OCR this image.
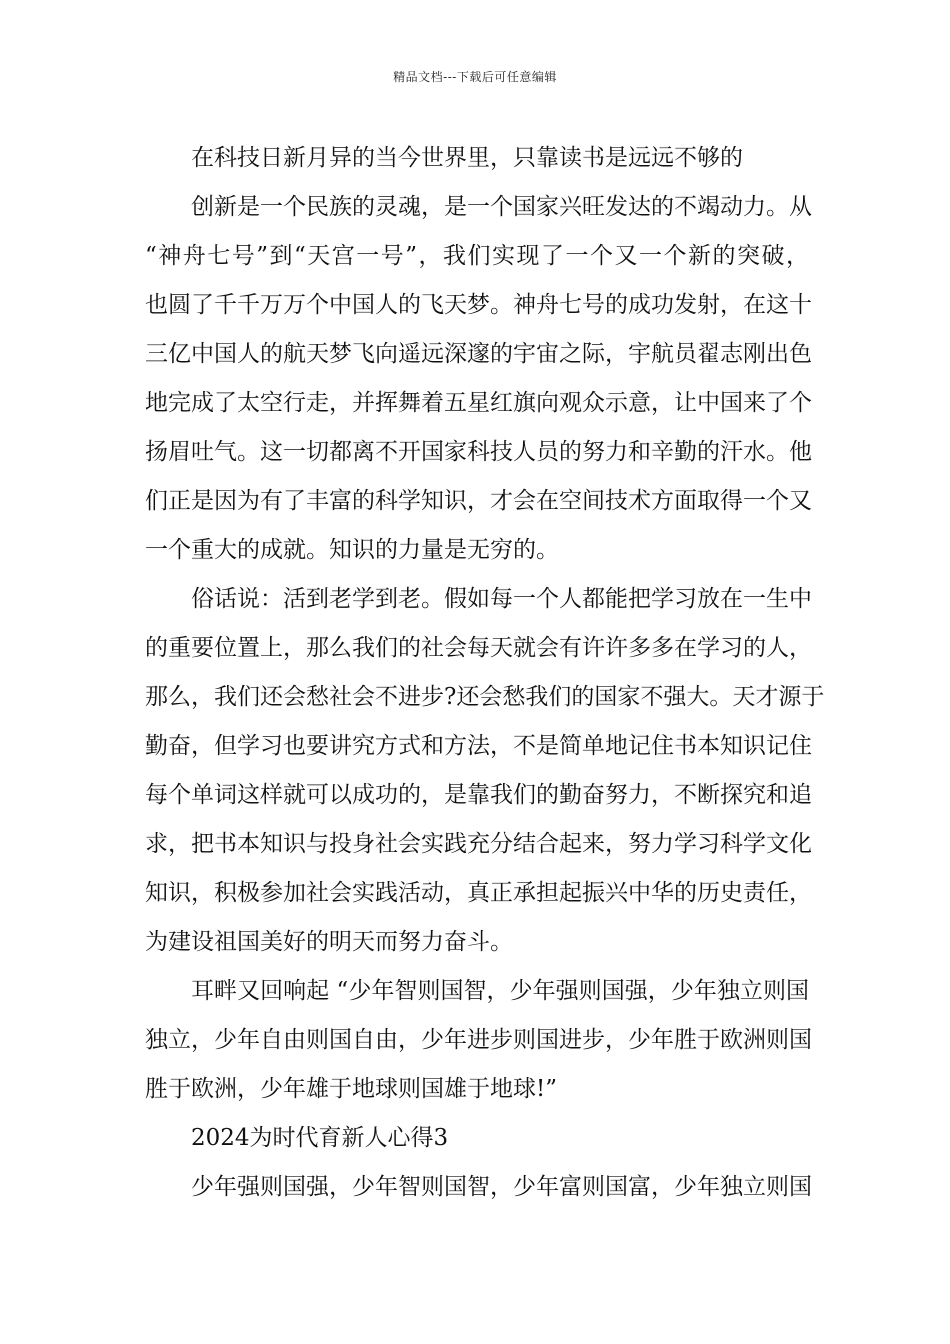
精品文档---下载后可任意编辑

在科技日新月异的当今世界里，只靠读书是远远不够的

创新是一个民族的灵魂，是一个国家兴旺发达的不竭动力。从
“神舟七号”到“天宫一号”，我们实现了一个又一个新的突破，
也圆了千千万万个中国人的飞天梦。神舟七号的成功发射，在这十
三亿中国人的航天梦飞向遥远深邃的宇宙之际，宇航员翟志刚出色
地完成了太空行走，并挥舞着五星红旗向观众示意，让中国来了个
扬眉吐气。这一切都离不开国家科技人员的努力和辛勤的汗水。他
们正是因为有了丰富的科学知识，才会在空间技术方面取得一个又
一个重大的成就。知识的力量是无穷的。

俗话说：活到老学到老。假如每一个人都能把学习放在一生中
的重要位置上，那么我们的社会每天就会有许许多多在学习的人，
那么，我们还会愁社会不进步?还会愁我们的国家不强大。天才源于
勤奋，但学习也要讲究方式和方法，不是简单地记住书本知识记住
每个单词这样就可以成功的，是靠我们的勤奋努力，不断探究和追
求，把书本知识与投身社会实践充分结合起来，努力学习科学文化
知识，积极参加社会实践活动，真正承担起振兴中华的历史责任，
为建设祖国美好的明天而努力奋斗。

耳畔又回响起 “少年智则国智，少年强则国强，少年独立则国
独立，少年自由则国自由，少年进步则国进步，少年胜于欧洲则国
胜于欧洲，少年雄于地球则国雄于地球!”

2024为时代育新人心得3

少年强则国强，少年智则国智，少年富则国富，少年独立则国
